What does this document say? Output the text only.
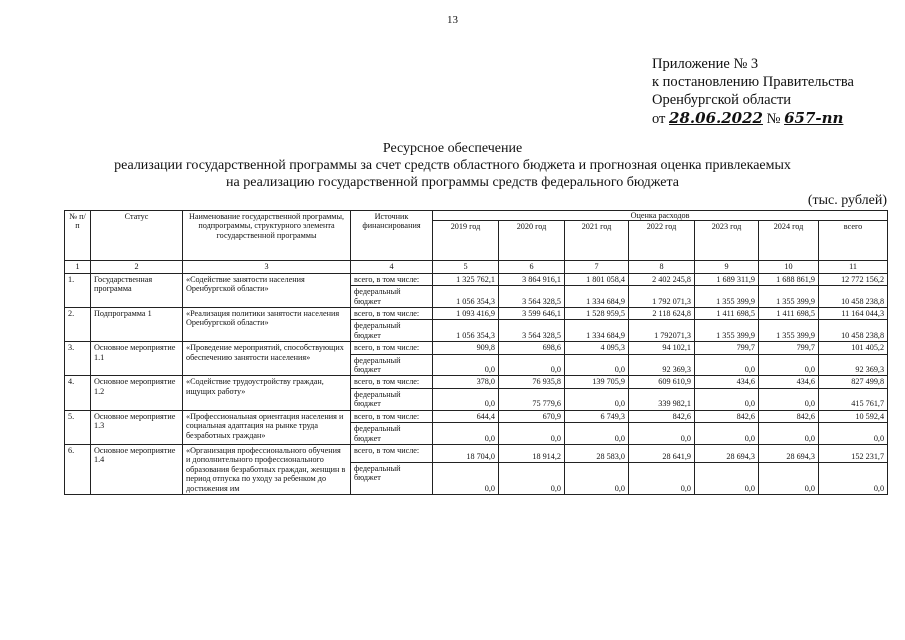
13
Приложение № 3
к постановлению Правительства
Оренбургской области
от 28.06.2022 № 657-пп
Ресурсное обеспечение
реализации государственной программы за счет средств областного бюджета и прогнозная оценка привлекаемых
на реализацию государственной программы средств федерального бюджета
(тыс. рублей)
№ п/п	Статус	Наименование государственной программы, подпрограммы, структурного элемента государственной программы	Источник финансирования	Оценка расходов						
				2019 год	2020 год	2021 год	2022 год	2023 год	2024 год	всего
1	2	3	4	5	6	7	8	9	10	11
1.	Государственная программа	«Содействие занятости населения Оренбургской области»	всего, в том числе:	1 325 762,1	3 864 916,1	1 801 058,4	2 402 245,8	1 689 311,9	1 688 861,9	12 772 156,2
			федеральный бюджет	1 056 354,3	3 564 328,5	1 334 684,9	1 792 071,3	1 355 399,9	1 355 399,9	10 458 238,8
2.	Подпрограмма 1	«Реализация политики занятости населения Оренбургской области»	всего, в том числе:	1 093 416,9	3 599 646,1	1 528 959,5	2 118 624,8	1 411 698,5	1 411 698,5	11 164 044,3
			федеральный бюджет	1 056 354,3	3 564 328,5	1 334 684,9	1 792071,3	1 355 399,9	1 355 399,9	10 458 238,8
3.	Основное мероприятие 1.1	«Проведение мероприятий, способствующих обеспечению занятости населения»	всего, в том числе:	909,8	698,6	4 095,3	94 102,1	799,7	799,7	101 405,2
			федеральный бюджет	0,0	0,0	0,0	92 369,3	0,0	0,0	92 369,3
4.	Основное мероприятие 1.2	«Содействие трудоустройству граждан, ищущих работу»	всего, в том числе:	378,0	76 935,8	139 705,9	609 610,9	434,6	434,6	827 499,8
			федеральный бюджет	0,0	75 779,6	0,0	339 982,1	0,0	0,0	415 761,7
5.	Основное мероприятие 1.3	«Профессиональная ориентация населения и социальная адаптация на рынке труда безработных граждан»	всего, в том числе:	644,4	670,9	6 749,3	842,6	842,6	842,6	10 592,4
			федеральный бюджет	0,0	0,0	0,0	0,0	0,0	0,0	0,0
6.	Основное мероприятие 1.4	«Организация профессионального обучения и дополнительного профессионального образования безработных граждан, женщин в период отпуска по уходу за ребенком до достижения им	всего, в том числе:	18 704,0	18 914,2	28 583,0	28 641,9	28 694,3	28 694,3	152 231,7
			федеральный бюджет	0,0	0,0	0,0	0,0	0,0	0,0	0,0
